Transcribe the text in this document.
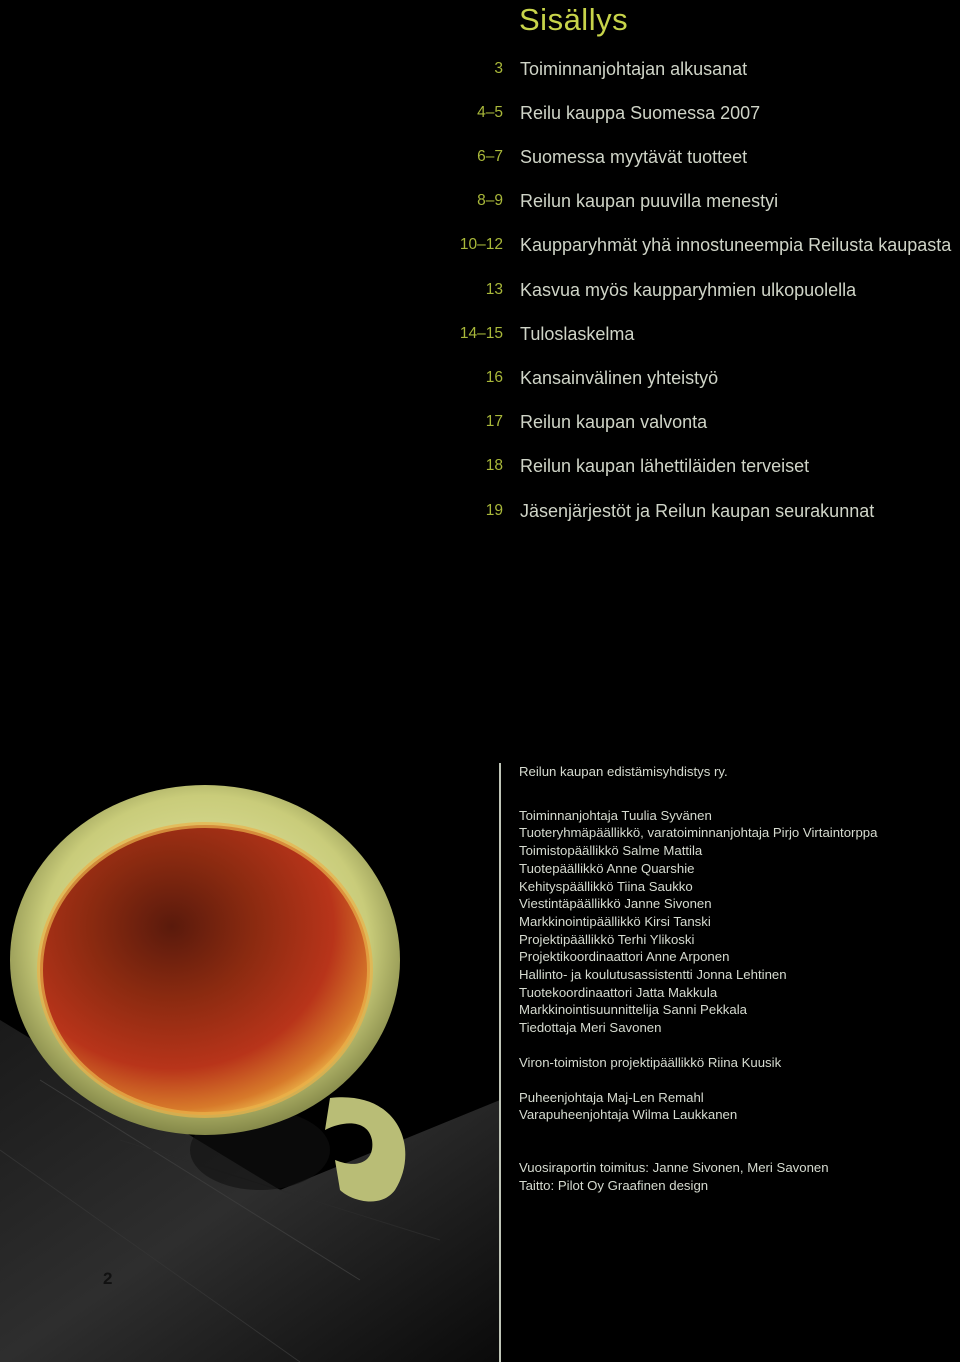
Sisällys
3 Toiminnanjohtajan alkusanat
4–5 Reilu kauppa Suomessa 2007
6–7 Suomessa myytävät tuotteet
8–9 Reilun kaupan puuvilla menestyi
10–12 Kaupparyhmät yhä innostuneempia Reilusta kaupasta
13 Kasvua myös kaupparyhmien ulkopuolella
14–15 Tuloslaskelma
16 Kansainvälinen yhteistyö
17 Reilun kaupan valvonta
18 Reilun kaupan lähettiläiden terveiset
19 Jäsenjärjestöt ja Reilun kaupan seurakunnat
Reilun kaupan edistämisyhdistys ry.
Toiminnanjohtaja Tuulia Syvänen
Tuoteryhmäpäällikkö, varatoiminnanjohtaja Pirjo Virtaintorppa
Toimistopäällikkö Salme Mattila
Tuotepäällikkö Anne Quarshie
Kehityspäällikkö Tiina Saukko
Viestintäpäällikkö Janne Sivonen
Markkinointipäällikkö Kirsi Tanski
Projektipäällikkö Terhi Ylikoski
Projektikoordinaattori Anne Arponen
Hallinto- ja koulutusassistentti Jonna Lehtinen
Tuotekoordinaattori Jatta Makkula
Markkinointisuunnittelija Sanni Pekkala
Tiedottaja Meri Savonen
Viron-toimiston projektipäällikkö Riina Kuusik
Puheenjohtaja Maj-Len Remahl
Varapuheenjohtaja Wilma Laukkanen
Vuosiraportin toimitus: Janne Sivonen, Meri Savonen
Taitto: Pilot Oy Graafinen design
2
